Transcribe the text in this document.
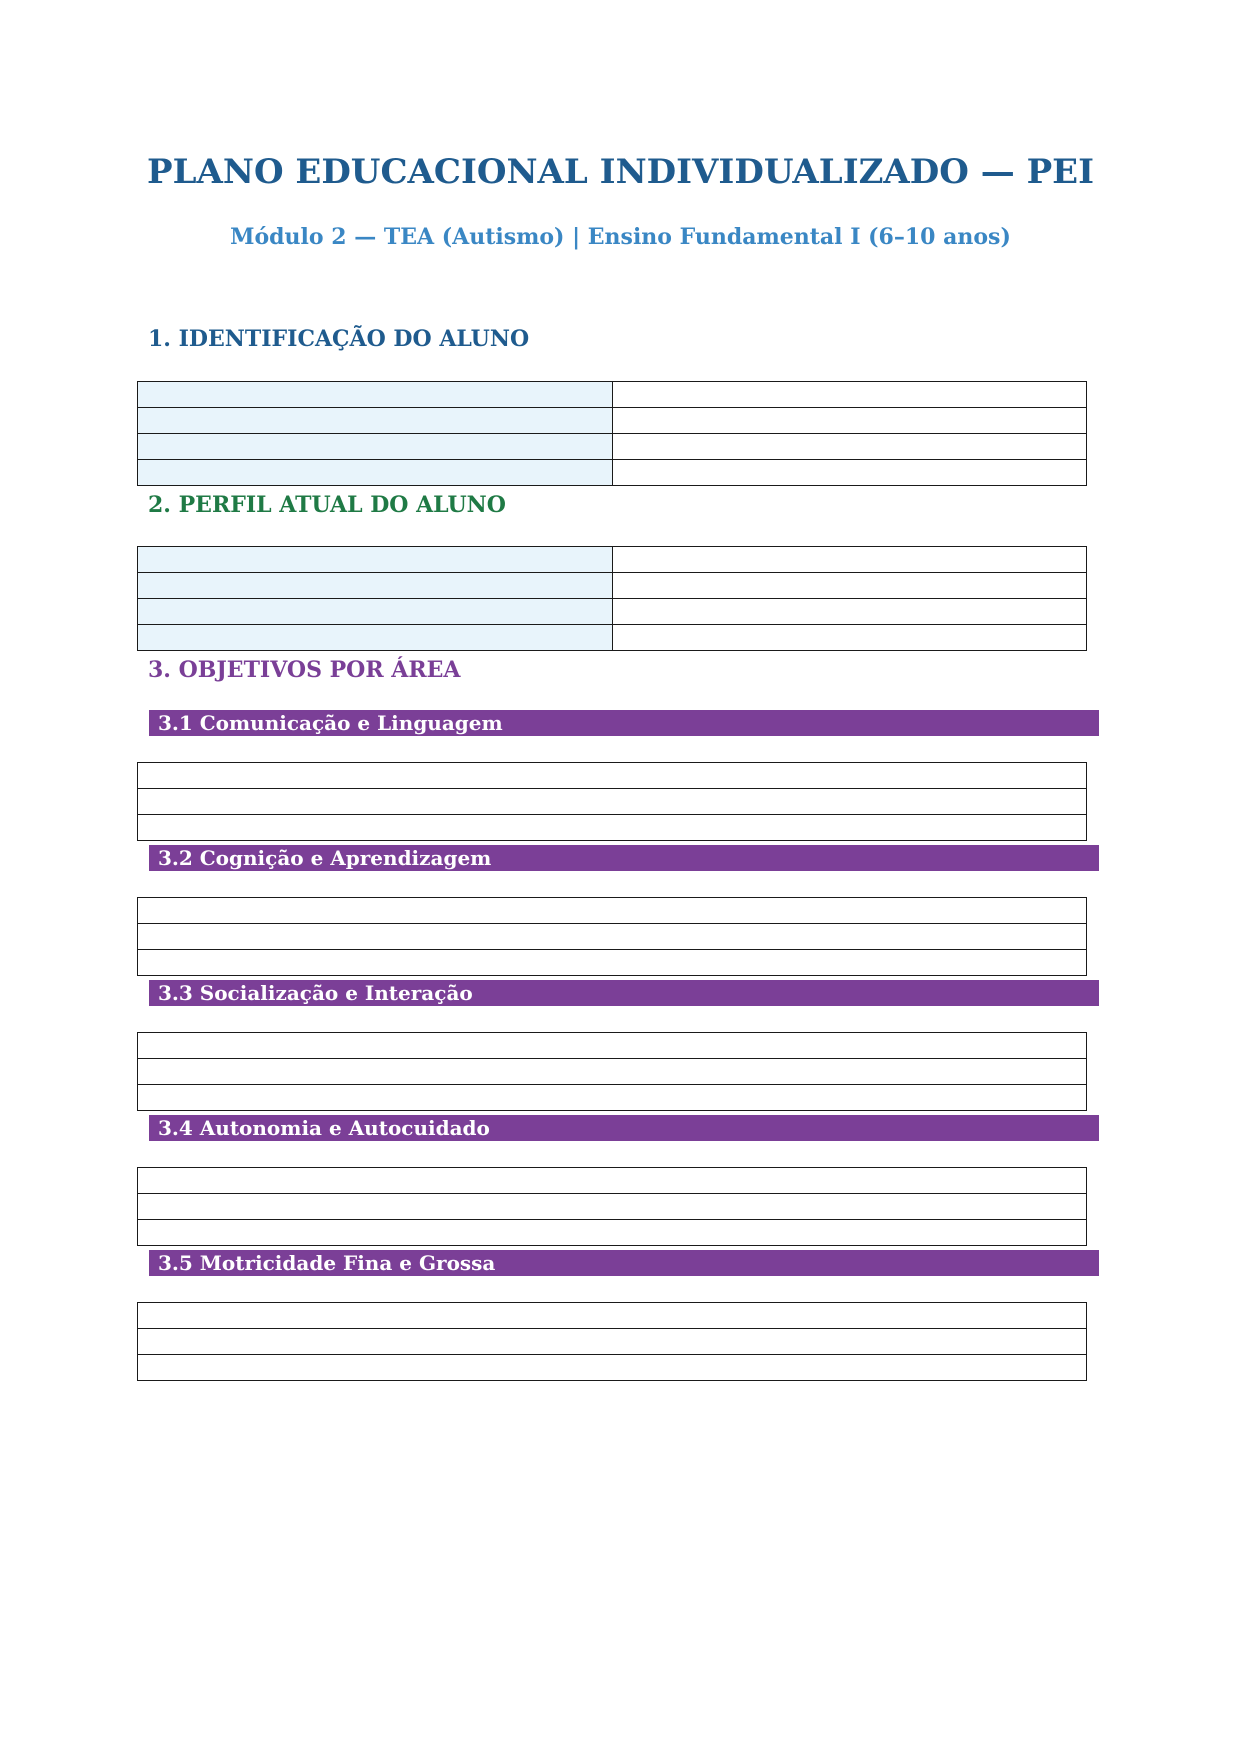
PLANO EDUCACIONAL INDIVIDUALIZADO — PEI
Módulo 2 — TEA (Autismo) | Ensino Fundamental I (6–10 anos)
1. IDENTIFICAÇÃO DO ALUNO

2. PERFIL ATUAL DO ALUNO

3. OBJETIVOS POR ÁREA
3.1 Comunicação e Linguagem

3.2 Cognição e Aprendizagem

3.3 Socialização e Interação

3.4 Autonomia e Autocuidado

3.5 Motricidade Fina e Grossa
